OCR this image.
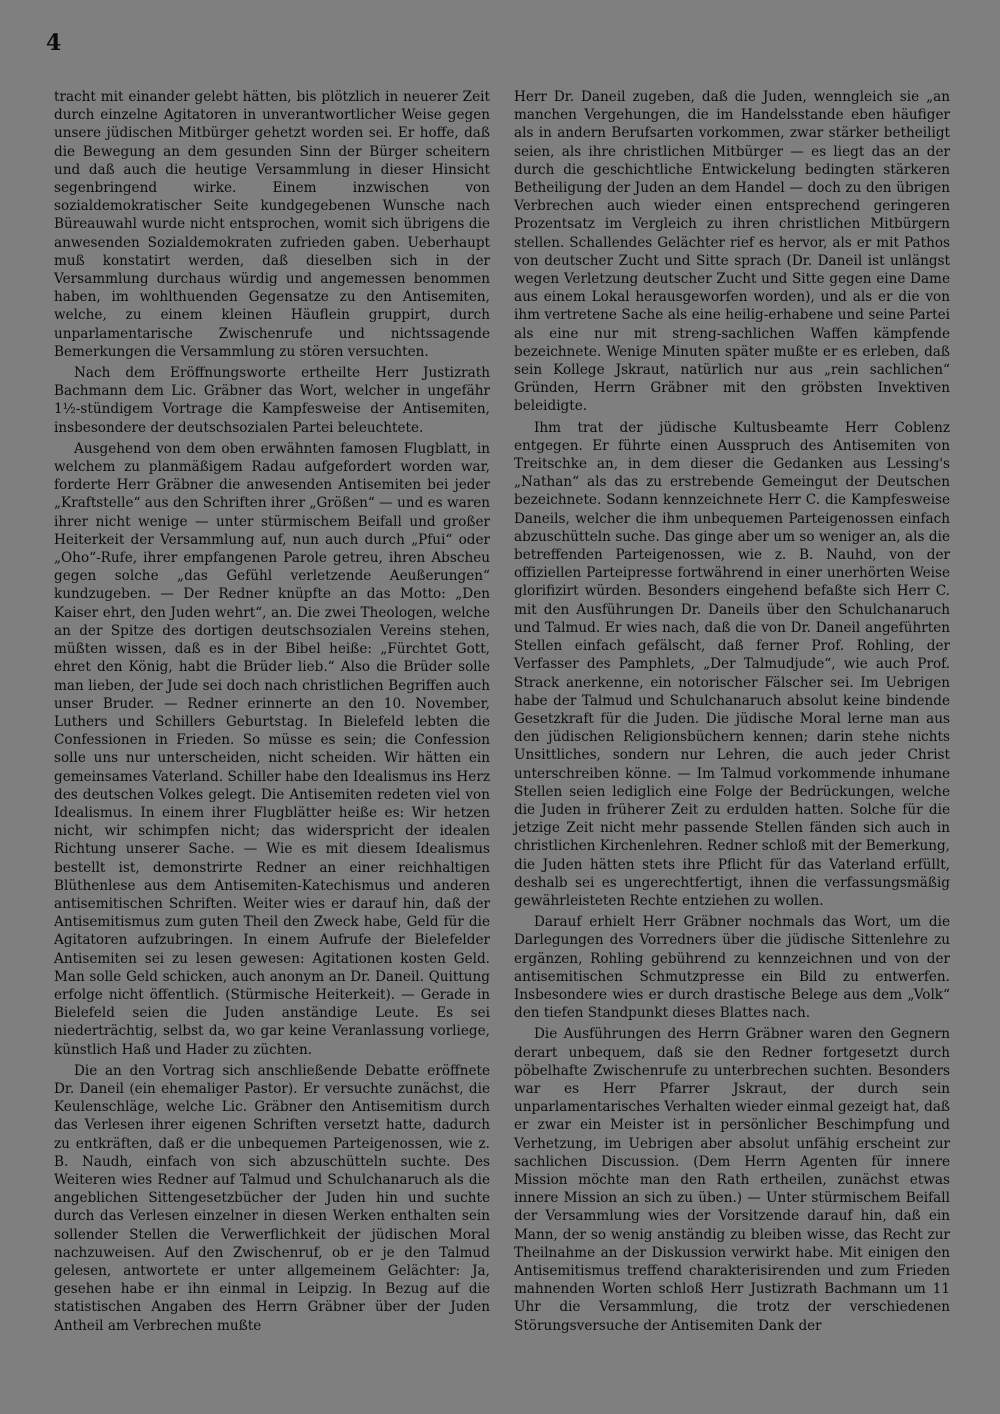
4

tracht mit einander gelebt hätten, bis plötzlich in neuerer Zeit durch einzelne Agitatoren in unverantwortlicher Weise gegen unsere jüdischen Mitbürger gehetzt worden sei. Er hoffe, daß die Bewegung an dem gesunden Sinn der Bürger scheitern und daß auch die heutige Versammlung in dieser Hinsicht segenbringend wirke. Einem inzwischen von sozialdemokratischer Seite kundgegebenen Wunsche nach Büreauwahl wurde nicht entsprochen, womit sich übrigens die anwesenden Sozialdemokraten zufrieden gaben. Ueberhaupt muß konstatirt werden, daß dieselben sich in der Versammlung durchaus würdig und angemessen benommen haben, im wohlthuenden Gegensatze zu den Antisemiten, welche, zu einem kleinen Häuflein gruppirt, durch unparlamentarische Zwischenrufe und nichtssagende Bemerkungen die Versammlung zu stören versuchten.

Nach dem Eröffnungsworte ertheilte Herr Justizrath Bachmann dem Lic. Gräbner das Wort, welcher in ungefähr 1½-stündigem Vortrage die Kampfesweise der Antisemiten, insbesondere der deutschsozialen Partei beleuchtete.

Ausgehend von dem oben erwähnten famosen Flugblatt, in welchem zu planmäßigem Radau aufgefordert worden war, forderte Herr Gräbner die anwesenden Antisemiten bei jeder „Kraftstelle“ aus den Schriften ihrer „Größen“ — und es waren ihrer nicht wenige — unter stürmischem Beifall und großer Heiterkeit der Versammlung auf, nun auch durch „Pfui“ oder „Oho“-Rufe, ihrer empfangenen Parole getreu, ihren Abscheu gegen solche „das Gefühl verletzende Aeußerungen“ kundzugeben. — Der Redner knüpfte an das Motto: „Den Kaiser ehrt, den Juden wehrt“, an. Die zwei Theologen, welche an der Spitze des dortigen deutschsozialen Vereins stehen, müßten wissen, daß es in der Bibel heiße: „Fürchtet Gott, ehret den König, habt die Brüder lieb.“ Also die Brüder solle man lieben, der Jude sei doch nach christlichen Begriffen auch unser Bruder. — Redner erinnerte an den 10. November, Luthers und Schillers Geburtstag. In Bielefeld lebten die Confessionen in Frieden. So müsse es sein; die Confession solle uns nur unterscheiden, nicht scheiden. Wir hätten ein gemeinsames Vaterland. Schiller habe den Idealismus ins Herz des deutschen Volkes gelegt. Die Antisemiten redeten viel von Idealismus. In einem ihrer Flugblätter heiße es: Wir hetzen nicht, wir schimpfen nicht; das widerspricht der idealen Richtung unserer Sache. — Wie es mit diesem Idealismus bestellt ist, demonstrirte Redner an einer reichhaltigen Blüthenlese aus dem Antisemiten-Katechismus und anderen antisemitischen Schriften. Weiter wies er darauf hin, daß der Antisemitismus zum guten Theil den Zweck habe, Geld für die Agitatoren aufzubringen. In einem Aufrufe der Bielefelder Antisemiten sei zu lesen gewesen: Agitationen kosten Geld. Man solle Geld schicken, auch anonym an Dr. Daneil. Quittung erfolge nicht öffentlich. (Stürmische Heiterkeit). — Gerade in Bielefeld seien die Juden anständige Leute. Es sei niederträchtig, selbst da, wo gar keine Veranlassung vorliege, künstlich Haß und Hader zu züchten.

Die an den Vortrag sich anschließende Debatte eröffnete Dr. Daneil (ein ehemaliger Pastor). Er versuchte zunächst, die Keulenschläge, welche Lic. Gräbner den Antisemitism durch das Verlesen ihrer eigenen Schriften versetzt hatte, dadurch zu entkräften, daß er die unbequemen Parteigenossen, wie z. B. Naudh, einfach von sich abzuschütteln suchte. Des Weiteren wies Redner auf Talmud und Schulchanaruch als die angeblichen Sittengesetzbücher der Juden hin und suchte durch das Verlesen einzelner in diesen Werken enthalten sein sollender Stellen die Verwerflichkeit der jüdischen Moral nachzuweisen. Auf den Zwischenruf, ob er je den Talmud gelesen, antwortete er unter allgemeinem Gelächter: Ja, gesehen habe er ihn einmal in Leipzig. In Bezug auf die statistischen Angaben des Herrn Gräbner über der Juden Antheil am Verbrechen mußte

Herr Dr. Daneil zugeben, daß die Juden, wenngleich sie „an manchen Vergehungen, die im Handelsstande eben häufiger als in andern Berufsarten vorkommen, zwar stärker betheiligt seien, als ihre christlichen Mitbürger — es liegt das an der durch die geschichtliche Entwickelung bedingten stärkeren Betheiligung der Juden an dem Handel — doch zu den übrigen Verbrechen auch wieder einen entsprechend geringeren Prozentsatz im Vergleich zu ihren christlichen Mitbürgern stellen. Schallendes Gelächter rief es hervor, als er mit Pathos von deutscher Zucht und Sitte sprach (Dr. Daneil ist unlängst wegen Verletzung deutscher Zucht und Sitte gegen eine Dame aus einem Lokal herausgeworfen worden), und als er die von ihm vertretene Sache als eine heilig-erhabene und seine Partei als eine nur mit streng-sachlichen Waffen kämpfende bezeichnete. Wenige Minuten später mußte er es erleben, daß sein Kollege Jskraut, natürlich nur aus „rein sachlichen“ Gründen, Herrn Gräbner mit den gröbsten Invektiven beleidigte.

Ihm trat der jüdische Kultusbeamte Herr Coblenz entgegen. Er führte einen Ausspruch des Antisemiten von Treitschke an, in dem dieser die Gedanken aus Lessing's „Nathan“ als das zu erstrebende Gemeingut der Deutschen bezeichnete. Sodann kennzeichnete Herr C. die Kampfesweise Daneils, welcher die ihm unbequemen Parteigenossen einfach abzuschütteln suche. Das ginge aber um so weniger an, als die betreffenden Parteigenossen, wie z. B. Nauhd, von der offiziellen Parteipresse fortwährend in einer unerhörten Weise glorifizirt würden. Besonders eingehend befaßte sich Herr C. mit den Ausführungen Dr. Daneils über den Schulchanaruch und Talmud. Er wies nach, daß die von Dr. Daneil angeführten Stellen einfach gefälscht, daß ferner Prof. Rohling, der Verfasser des Pamphlets, „Der Talmudjude“, wie auch Prof. Strack anerkenne, ein notorischer Fälscher sei. Im Uebrigen habe der Talmud und Schulchanaruch absolut keine bindende Gesetzkraft für die Juden. Die jüdische Moral lerne man aus den jüdischen Religionsbüchern kennen; darin stehe nichts Unsittliches, sondern nur Lehren, die auch jeder Christ unterschreiben könne. — Im Talmud vorkommende inhumane Stellen seien lediglich eine Folge der Bedrückungen, welche die Juden in früherer Zeit zu erdulden hatten. Solche für die jetzige Zeit nicht mehr passende Stellen fänden sich auch in christlichen Kirchenlehren. Redner schloß mit der Bemerkung, die Juden hätten stets ihre Pflicht für das Vaterland erfüllt, deshalb sei es ungerechtfertigt, ihnen die verfassungsmäßig gewährleisteten Rechte entziehen zu wollen.

Darauf erhielt Herr Gräbner nochmals das Wort, um die Darlegungen des Vorredners über die jüdische Sittenlehre zu ergänzen, Rohling gebührend zu kennzeichnen und von der antisemitischen Schmutzpresse ein Bild zu entwerfen. Insbesondere wies er durch drastische Belege aus dem „Volk“ den tiefen Standpunkt dieses Blattes nach.

Die Ausführungen des Herrn Gräbner waren den Gegnern derart unbequem, daß sie den Redner fortgesetzt durch pöbelhafte Zwischenrufe zu unterbrechen suchten. Besonders war es Herr Pfarrer Jskraut, der durch sein unparlamentarisches Verhalten wieder einmal gezeigt hat, daß er zwar ein Meister ist in persönlicher Beschimpfung und Verhetzung, im Uebrigen aber absolut unfähig erscheint zur sachlichen Discussion. (Dem Herrn Agenten für innere Mission möchte man den Rath ertheilen, zunächst etwas innere Mission an sich zu üben.) — Unter stürmischem Beifall der Versammlung wies der Vorsitzende darauf hin, daß ein Mann, der so wenig anständig zu bleiben wisse, das Recht zur Theilnahme an der Diskussion verwirkt habe. Mit einigen den Antisemitismus treffend charakterisirenden und zum Frieden mahnenden Worten schloß Herr Justizrath Bachmann um 11 Uhr die Versammlung, die trotz der verschiedenen Störungsversuche der Antisemiten Dank der
